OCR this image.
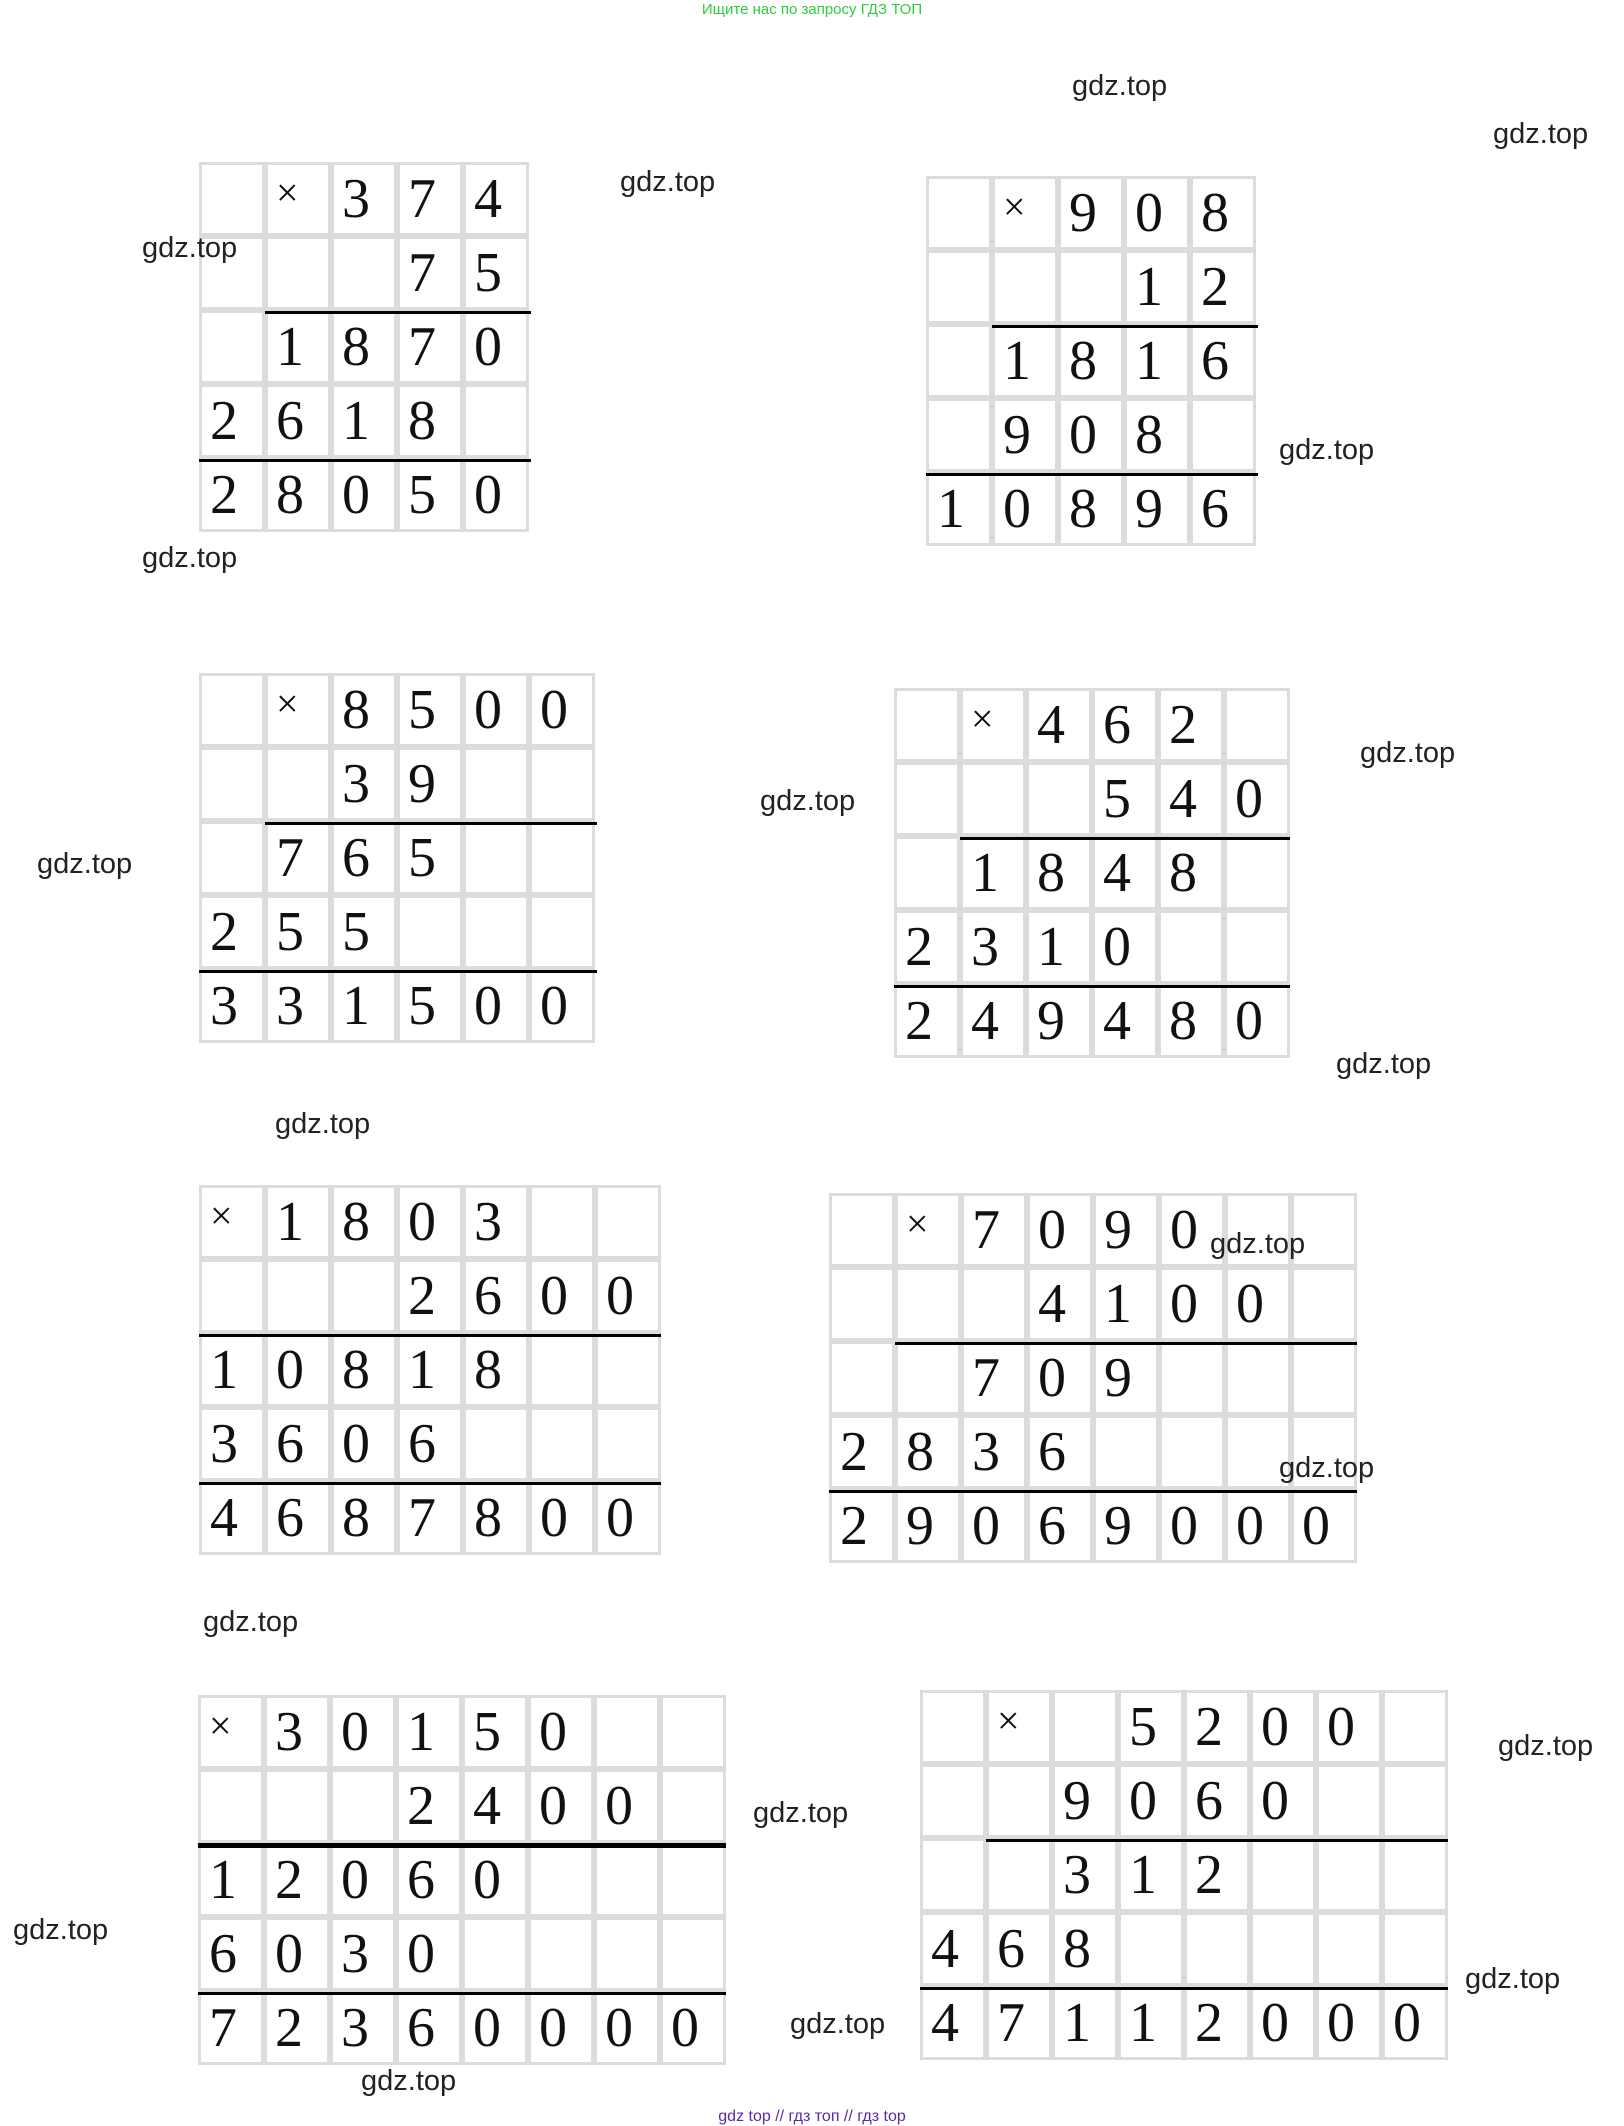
Ищите нас по запросу ГДЗ ТОП
× 3 7 4
7 5
1 8 7 0
2 6 1 8
2 8 0 5 0
× 9 0 8
1 2
1 8 1 6
9 0 8
1 0 8 9 6
× 8 5 0 0
3 9
7 6 5
2 5 5
3 3 1 5 0 0
× 4 6 2
5 4 0
1 8 4 8
2 3 1 0
2 4 9 4 8 0
× 1 8 0 3
2 6 0 0
1 0 8 1 8
3 6 0 6
4 6 8 7 8 0 0
× 7 0 9 0
4 1 0 0
7 0 9
2 8 3 6
2 9 0 6 9 0 0 0
× 3 0 1 5 0
2 4 0 0
1 2 0 6 0
6 0 3 0
7 2 3 6 0 0 0 0
×	5 2 0 0
9 0 6 0
3 1 2
4 6 8
4 7 1 1 2 0 0 0
gdz.top
gdz.top
gdz.top
gdz.top
gdz.top
gdz.top
gdz.top
gdz.top
gdz.top
gdz.top
gdz.top
gdz.top
gdz.top
gdz.top
gdz.top
gdz.top
gdz.top
gdz.top
gdz.top
gdz.top
gdz top // гдз топ // гдз top
